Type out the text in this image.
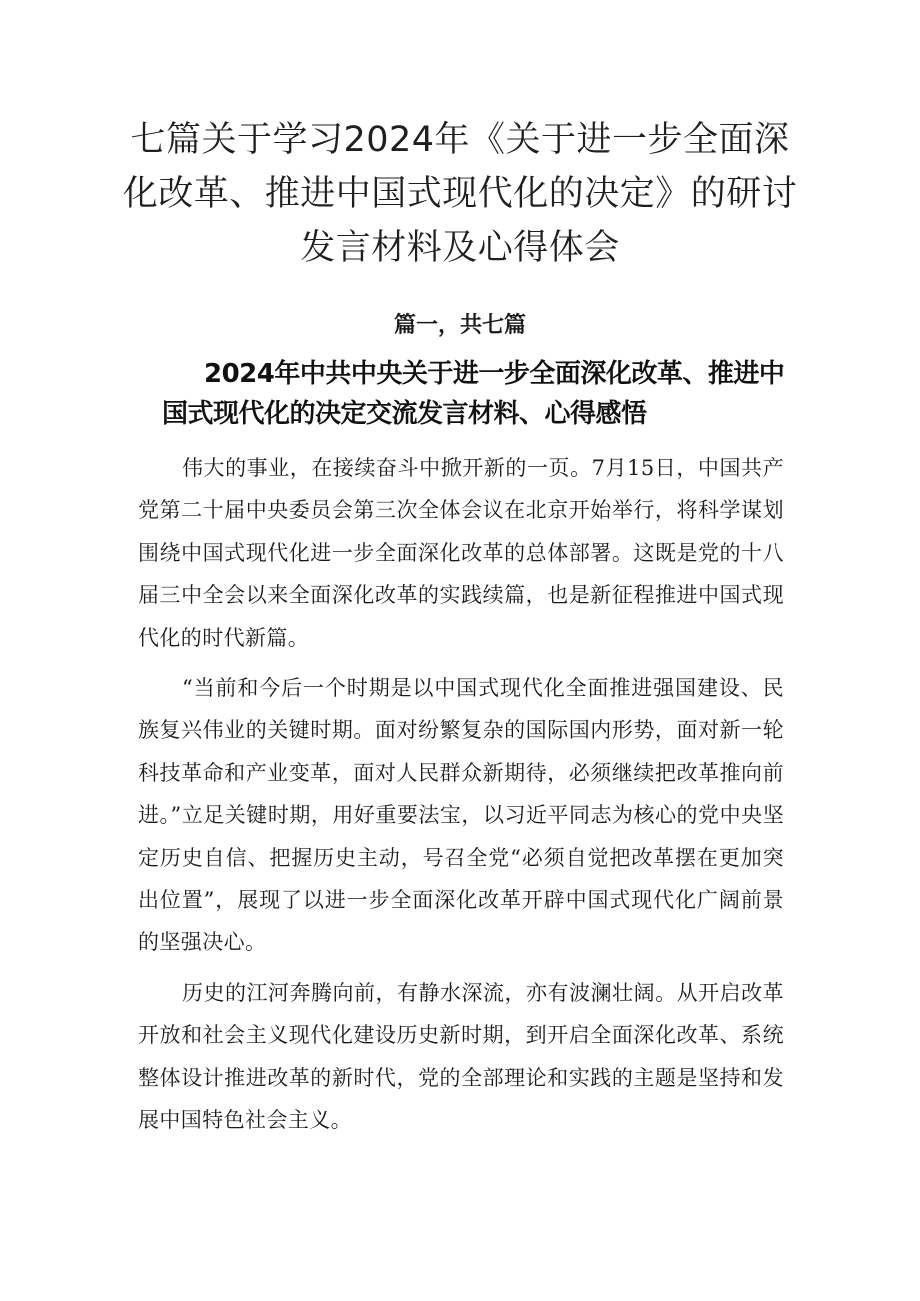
七篇关于学习2024年《关于进一步全面深化改革、推进中国式现代化的决定》的研讨发言材料及心得体会
篇一，共七篇
2024年中共中央关于进一步全面深化改革、推进中国式现代化的决定交流发言材料、心得感悟

伟大的事业，在接续奋斗中掀开新的一页。7月15日，中国共产党第二十届中央委员会第三次全体会议在北京开始举行，将科学谋划围绕中国式现代化进一步全面深化改革的总体部署。这既是党的十八届三中全会以来全面深化改革的实践续篇，也是新征程推进中国式现代化的时代新篇。

“当前和今后一个时期是以中国式现代化全面推进强国建设、民族复兴伟业的关键时期。面对纷繁复杂的国际国内形势，面对新一轮科技革命和产业变革，面对人民群众新期待，必须继续把改革推向前进。”立足关键时期，用好重要法宝，以习近平同志为核心的党中央坚定历史自信、把握历史主动，号召全党“必须自觉把改革摆在更加突出位置”，展现了以进一步全面深化改革开辟中国式现代化广阔前景的坚强决心。

历史的江河奔腾向前，有静水深流，亦有波澜壮阔。从开启改革开放和社会主义现代化建设历史新时期，到开启全面深化改革、系统整体设计推进改革的新时代，党的全部理论和实践的主题是坚持和发展中国特色社会主义。
